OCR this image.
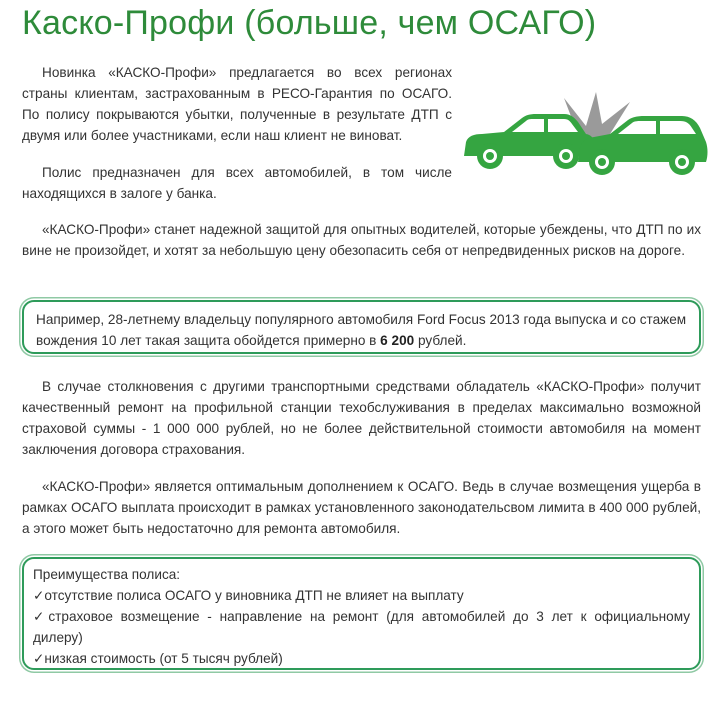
Каско-Профи (больше, чем ОСАГО)

Новинка «КАСКО-Профи» предлагается во всех регионах страны клиентам, застрахованным в РЕСО-Гарантия по ОСАГО. По полису покрываются убытки, полученные в результате ДТП с двумя или более участниками, если наш клиент не виноват.

Полис предназначен для всех автомобилей, в том числе находящихся в залоге у банка.

«КАСКО-Профи» станет надежной защитой для опытных водителей, которые убеждены, что ДТП по их вине не произойдет, и хотят за небольшую цену обезопасить себя от непредвиденных рисков на дороге.

Например, 28-летнему владельцу популярного автомобиля Ford Focus 2013 года выпуска и со стажем вождения 10 лет такая защита обойдется примерно в 6 200 рублей.

В случае столкновения с другими транспортными средствами обладатель «КАСКО-Профи» получит качественный ремонт на профильной станции техобслуживания в пределах максимально возможной страховой суммы - 1 000 000 рублей, но не более действительной стоимости автомобиля на момент заключения договора страхования.

«КАСКО-Профи» является оптимальным дополнением к ОСАГО. Ведь в случае возмещения ущерба в рамках ОСАГО выплата происходит в рамках установленного законодательсвом лимита в 400 000 рублей, а этого может быть недостаточно для ремонта автомобиля.

Преимущества полиса:
✓отсутствие полиса ОСАГО у виновника ДТП не влияет на выплату
✓страховое возмещение - направление на ремонт (для автомобилей до 3 лет к официальному дилеру)
✓низкая стоимость (от 5 тысяч рублей)
